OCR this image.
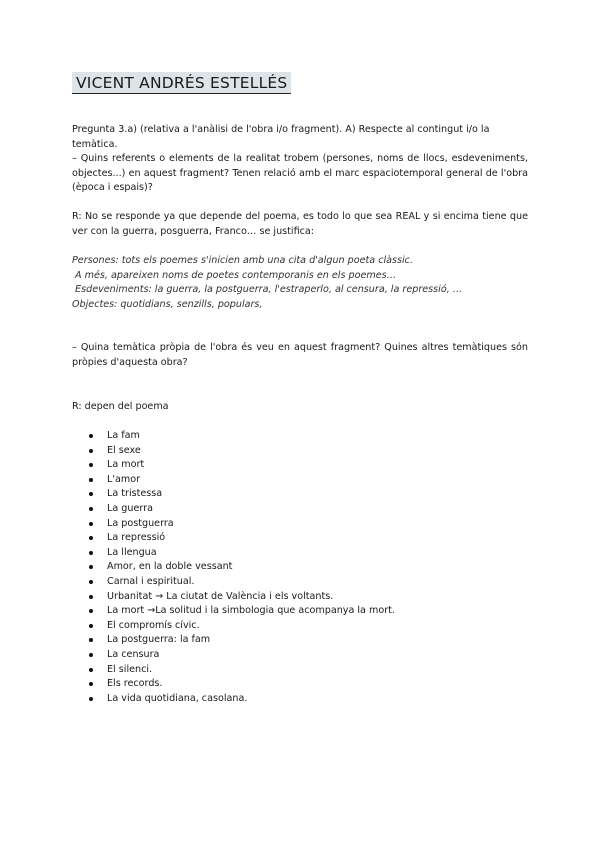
VICENT ANDRÉS ESTELLÉS

Pregunta 3.a) (relativa a l'anàlisi de l'obra i/o fragment). A) Respecte al contingut i/o la temàtica.

– Quins referents o elements de la realitat trobem (persones, noms de llocs, esdeveniments, objectes...) en aquest fragment? Tenen relació amb el marc espaciotemporal general de l'obra (època i espais)?

R: No se responde ya que depende del poema, es todo lo que sea REAL y si encima tiene que ver con la guerra, posguerra, Franco… se justifica:

Persones: tots els poemes s'inicien amb una cita d'algun poeta clàssic.
A més, apareixen noms de poetes contemporanis en els poemes…
Esdeveniments: la guerra, la postguerra, l'estraperlo, al censura, la repressió, …
Objectes: quotidians, senzills, populars,

– Quina temàtica pròpia de l'obra és veu en aquest fragment? Quines altres temàtiques són pròpies d'aquesta obra?

R: depen del poema

La fam
El sexe
La mort
L'amor
La tristessa
La guerra
La postguerra
La repressió
La llengua
Amor, en la doble vessant
Carnal i espiritual.
Urbanitat → La ciutat de València i els voltants.
La mort →La solitud i la simbologia que acompanya la mort.
El compromís cívic.
La postguerra: la fam
La censura
El silenci.
Els records.
La vida quotidiana, casolana.
